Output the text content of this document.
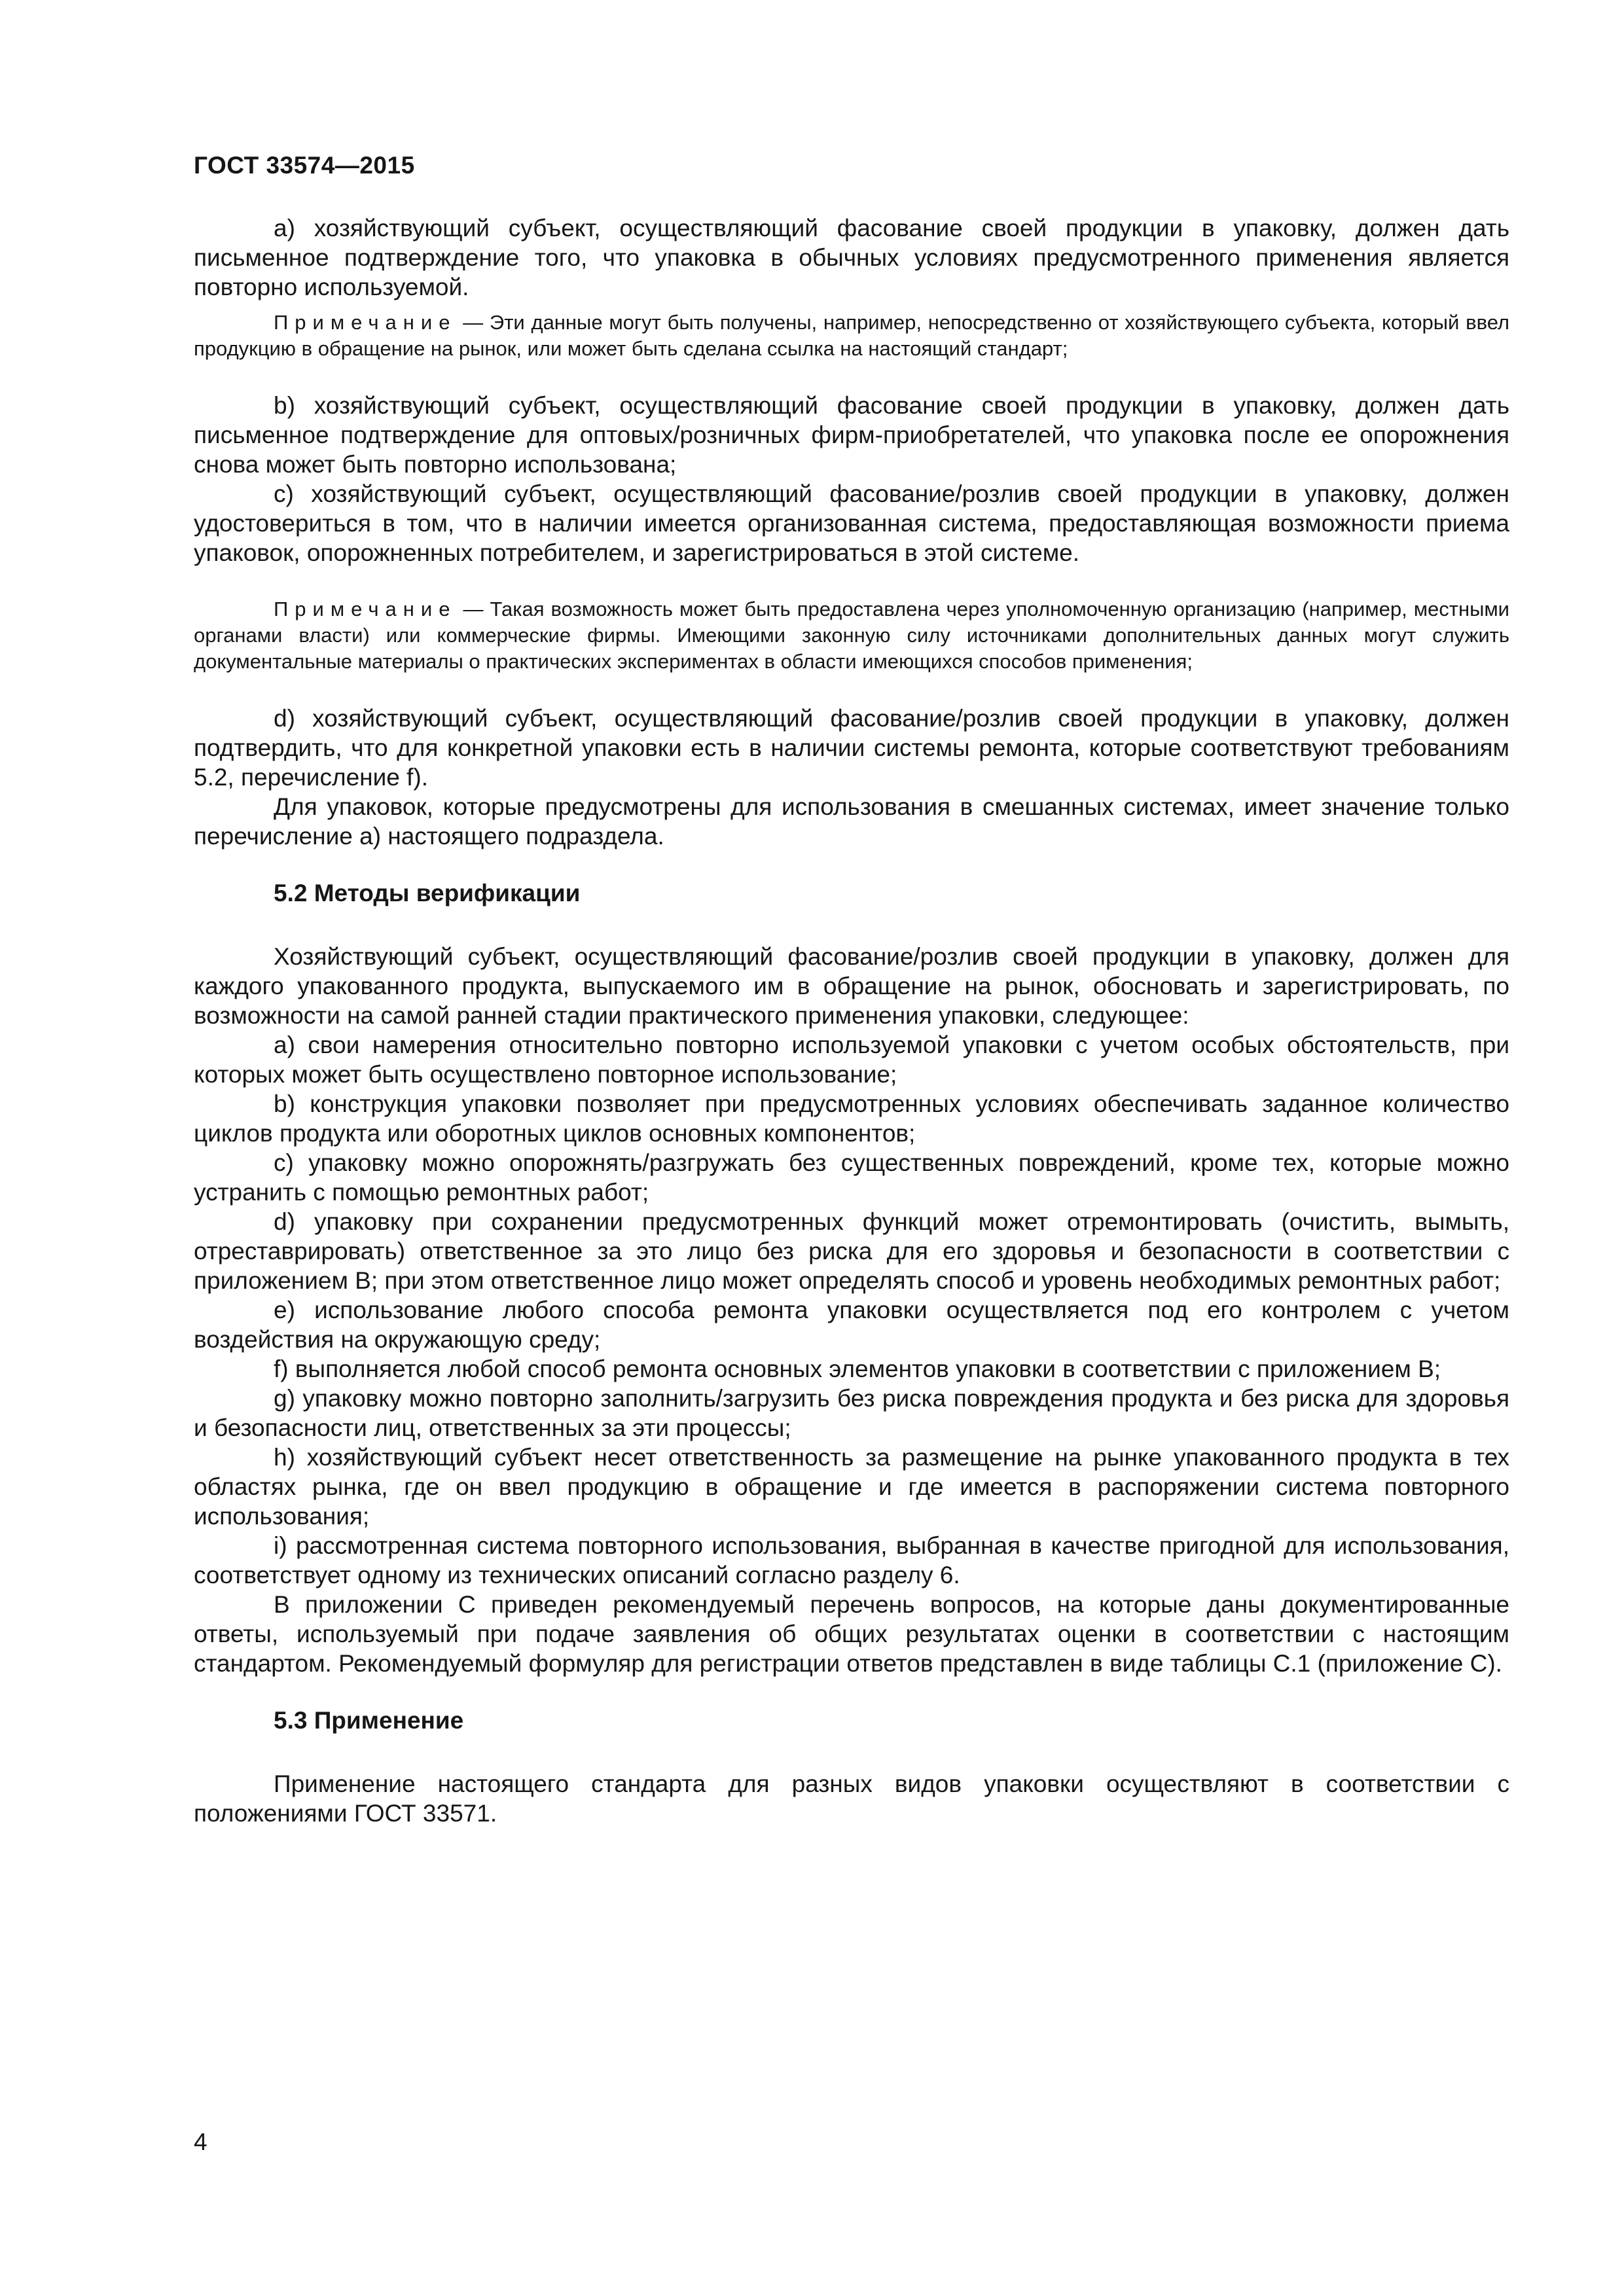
ГОСТ 33574—2015

а) хозяйствующий субъект, осуществляющий фасование своей продукции в упаковку, должен дать письменное подтверждение того, что упаковка в обычных условиях предусмотренного применения является повторно используемой.

Примечание — Эти данные могут быть получены, например, непосредственно от хозяйствующего субъекта, который ввел продукцию в обращение на рынок, или может быть сделана ссылка на настоящий стандарт;

b) хозяйствующий субъект, осуществляющий фасование своей продукции в упаковку, должен дать письменное подтверждение для оптовых/розничных фирм-приобретателей, что упаковка после ее опорожнения снова может быть повторно использована;

с) хозяйствующий субъект, осуществляющий фасование/розлив своей продукции в упаковку, должен удостовериться в том, что в наличии имеется организованная система, предоставляющая возможности приема упаковок, опорожненных потребителем, и зарегистрироваться в этой системе.

Примечание — Такая возможность может быть предоставлена через уполномоченную организацию (например, местными органами власти) или коммерческие фирмы. Имеющими законную силу источниками дополнительных данных могут служить документальные материалы о практических экспериментах в области имеющихся способов применения;

d) хозяйствующий субъект, осуществляющий фасование/розлив своей продукции в упаковку, должен подтвердить, что для конкретной упаковки есть в наличии системы ремонта, которые соответствуют требованиям 5.2, перечисление f).

Для упаковок, которые предусмотрены для использования в смешанных системах, имеет значение только перечисление а) настоящего подраздела.

5.2 Методы верификации

Хозяйствующий субъект, осуществляющий фасование/розлив своей продукции в упаковку, должен для каждого упакованного продукта, выпускаемого им в обращение на рынок, обосновать и зарегистрировать, по возможности на самой ранней стадии практического применения упаковки, следующее:

а) свои намерения относительно повторно используемой упаковки с учетом особых обстоятельств, при которых может быть осуществлено повторное использование;

b) конструкция упаковки позволяет при предусмотренных условиях обеспечивать заданное количество циклов продукта или оборотных циклов основных компонентов;

с) упаковку можно опорожнять/разгружать без существенных повреждений, кроме тех, которые можно устранить с помощью ремонтных работ;

d) упаковку при сохранении предусмотренных функций может отремонтировать (очистить, вымыть, отреставрировать) ответственное за это лицо без риска для его здоровья и безопасности в соответствии с приложением В; при этом ответственное лицо может определять способ и уровень необходимых ремонтных работ;

е) использование любого способа ремонта упаковки осуществляется под его контролем с учетом воздействия на окружающую среду;

f) выполняется любой способ ремонта основных элементов упаковки в соответствии с приложением В;

g) упаковку можно повторно заполнить/загрузить без риска повреждения продукта и без риска для здоровья и безопасности лиц, ответственных за эти процессы;

h) хозяйствующий субъект несет ответственность за размещение на рынке упакованного продукта в тех областях рынка, где он ввел продукцию в обращение и где имеется в распоряжении система повторного использования;

i) рассмотренная система повторного использования, выбранная в качестве пригодной для использования, соответствует одному из технических описаний согласно разделу 6.

В приложении С приведен рекомендуемый перечень вопросов, на которые даны документированные ответы, используемый при подаче заявления об общих результатах оценки в соответствии с настоящим стандартом. Рекомендуемый формуляр для регистрации ответов представлен в виде таблицы С.1 (приложение С).

5.3 Применение

Применение настоящего стандарта для разных видов упаковки осуществляют в соответствии с положениями ГОСТ 33571.

4
